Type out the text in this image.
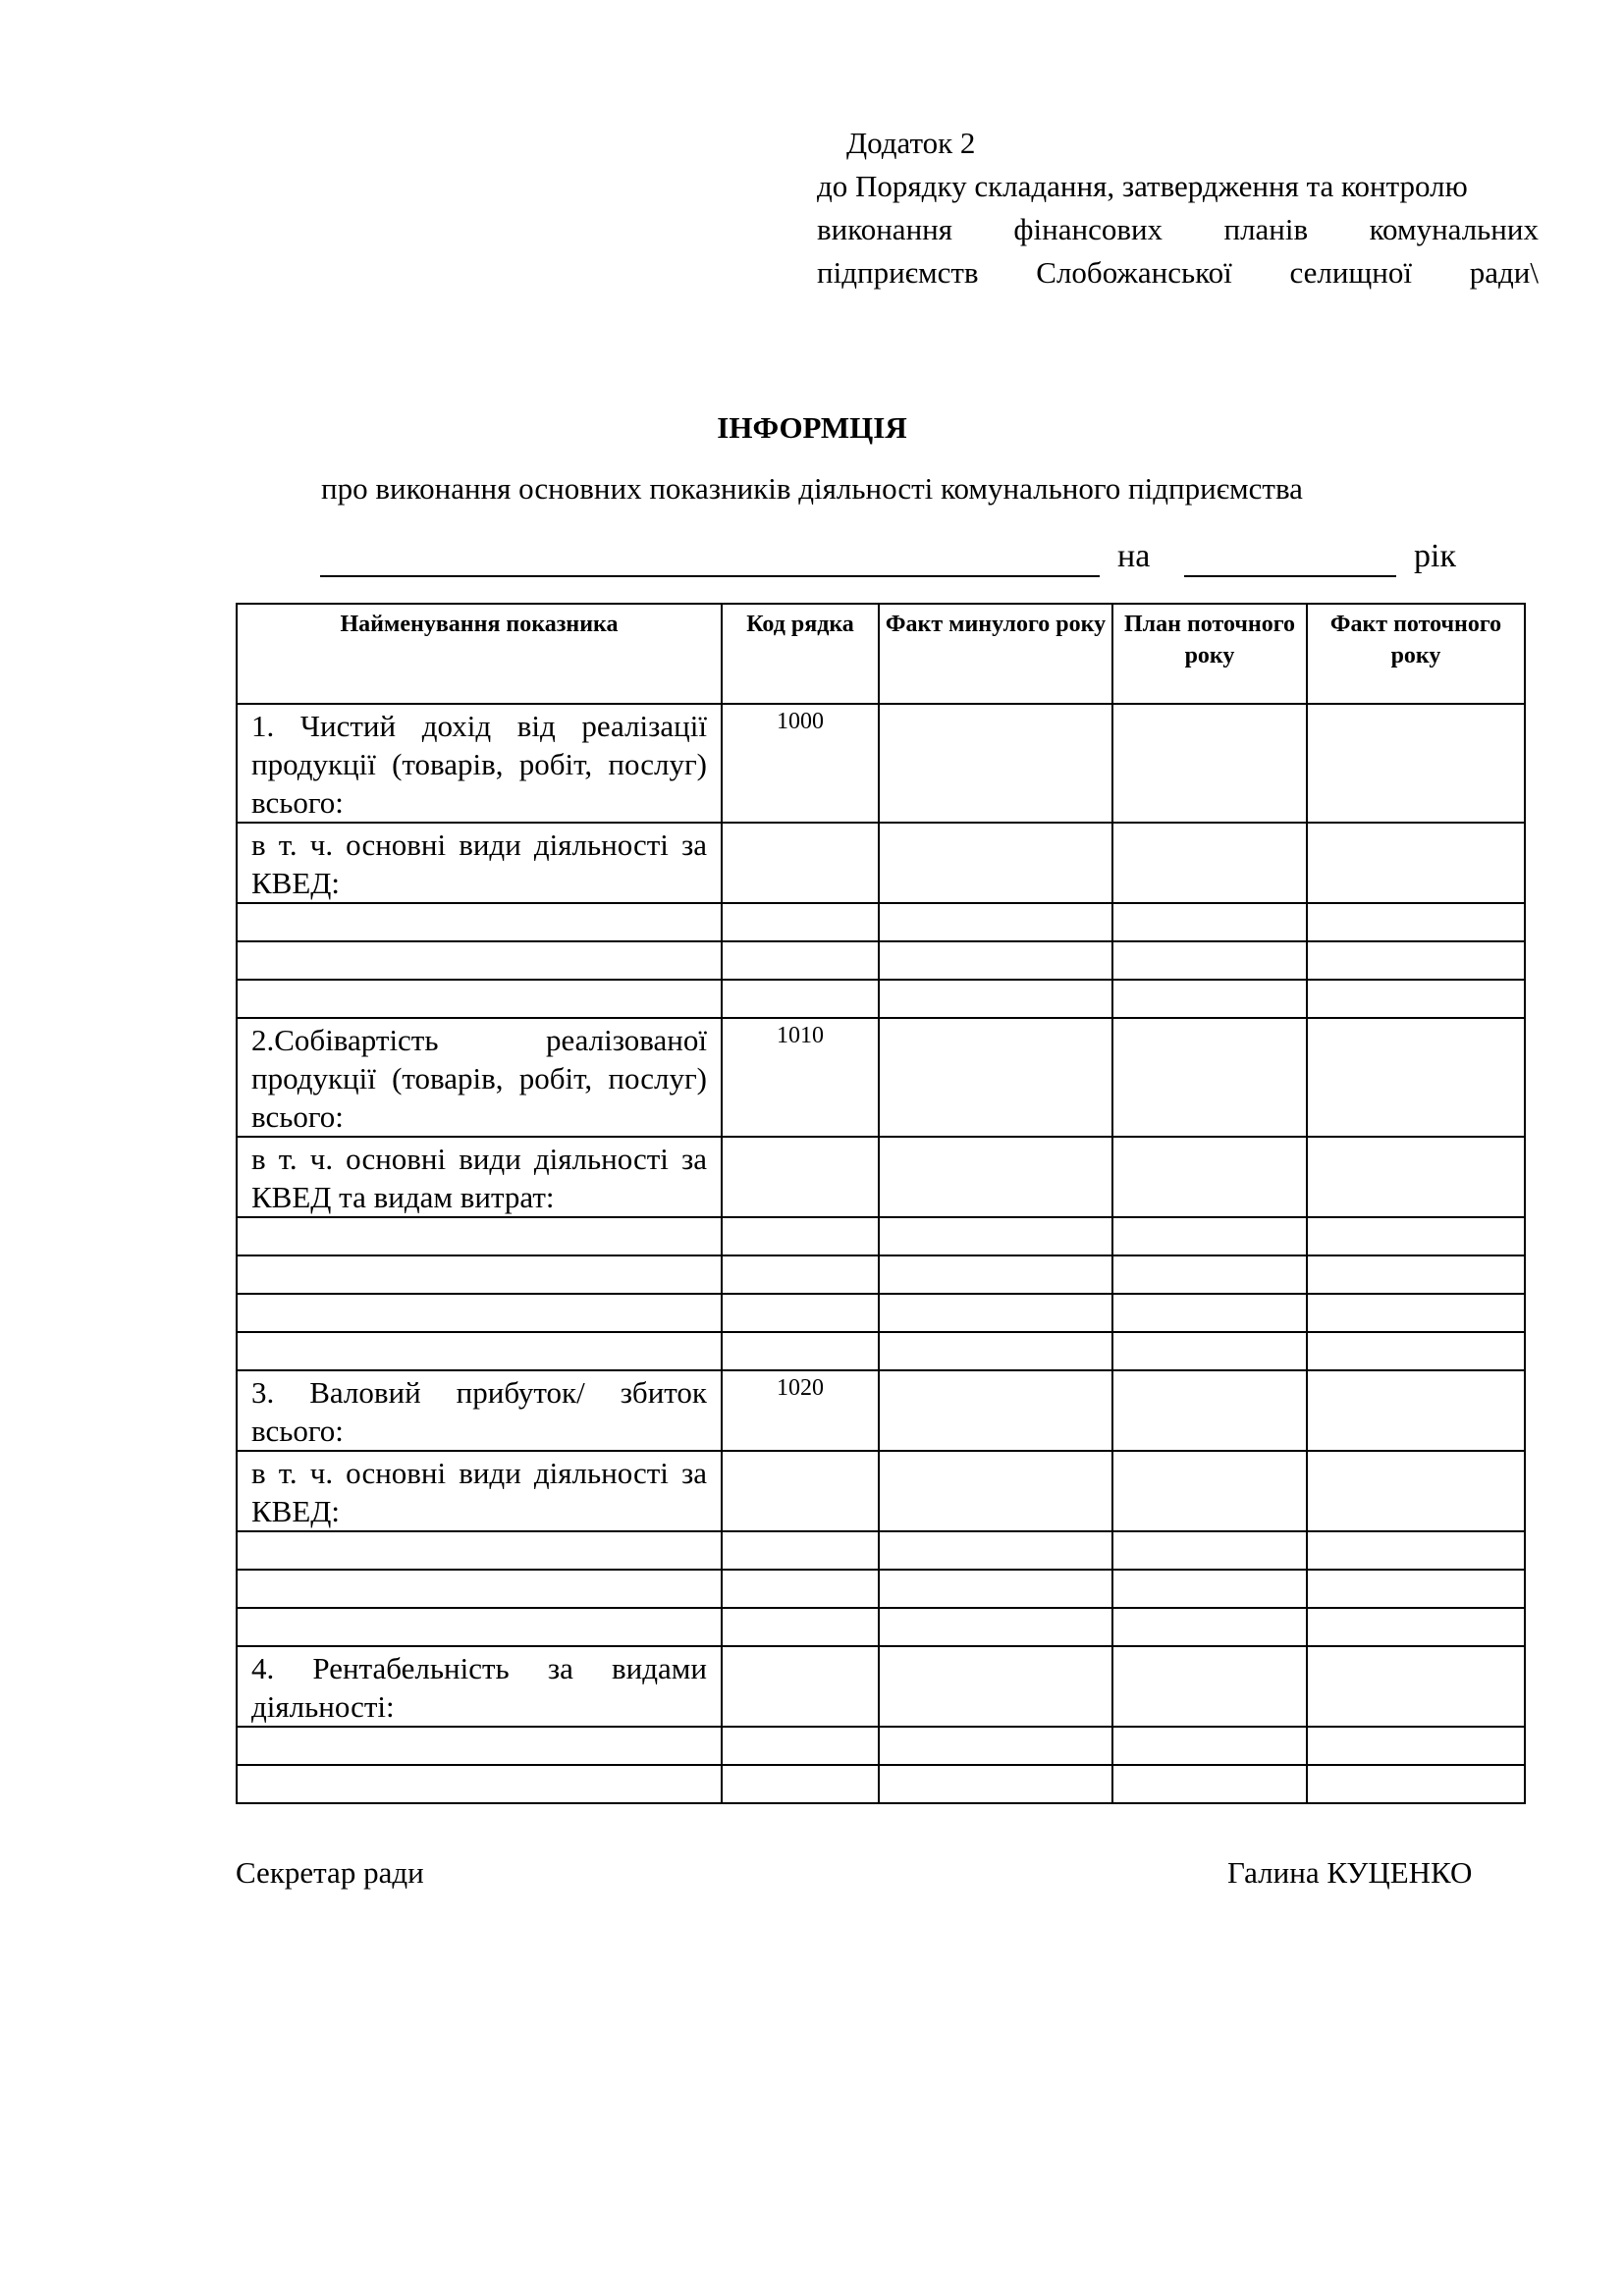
Додаток 2
до Порядку складання, затвердження та контролю
виконання фінансових планів комунальних
підприємств Слобожанської селищної ради\
ІНФОРМЦІЯ
про виконання основних показників діяльності комунального підприємства
на	рік
Найменування показника	Код рядка	Факт минулого року	План поточного року	Факт поточного року
1. Чистий дохід від реалізації продукції (товарів, робіт, послуг) всього:	1000			
в т. ч. основні види діяльності за КВЕД:				

2.Собівартість реалізованої продукції (товарів, робіт, послуг) всього:	1010			
в т. ч. основні види діяльності за КВЕД та видам витрат:				

3. Валовий прибуток/ збиток всього:	1020			
в т. ч. основні види діяльності за КВЕД:				

4. Рентабельність за видами діяльності:				

Секретар ради	Галина КУЦЕНКО
